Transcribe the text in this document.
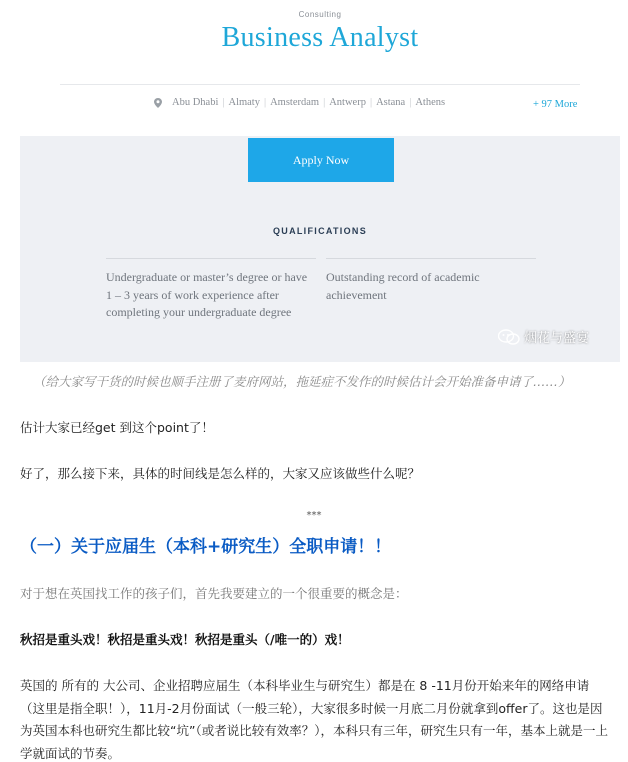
Consulting
Business Analyst
Abu Dhabi | Almaty | Amsterdam | Antwerp | Astana | Athens	+ 97 More
Apply Now
QUALIFICATIONS
Undergraduate or master’s degree or have 1 – 3 years of work experience after completing your undergraduate degree
Outstanding record of academic achievement
烟花与盛宴
（给大家写干货的时候也顺手注册了麦府网站，拖延症不发作的时候估计会开始准备申请了……）
估计大家已经get 到这个point了！
好了，那么接下来，具体的时间线是怎么样的，大家又应该做些什么呢？
***
（一）关于应届生（本科+研究生）全职申请！！
对于想在英国找工作的孩子们，首先我要建立的一个很重要的概念是：
秋招是重头戏！秋招是重头戏！秋招是重头（/唯一的）戏！
英国的 所有的 大公司、企业招聘应届生（本科毕业生与研究生）都是在 8 -11月份开始来年的网络申请（这里是指全职！），11月-2月份面试（一般三轮），大家很多时候一月底二月份就拿到offer了。这也是因为英国本科也研究生都比较“坑”（或者说比较有效率？），本科只有三年，研究生只有一年，基本上就是一上学就面试的节奏。
